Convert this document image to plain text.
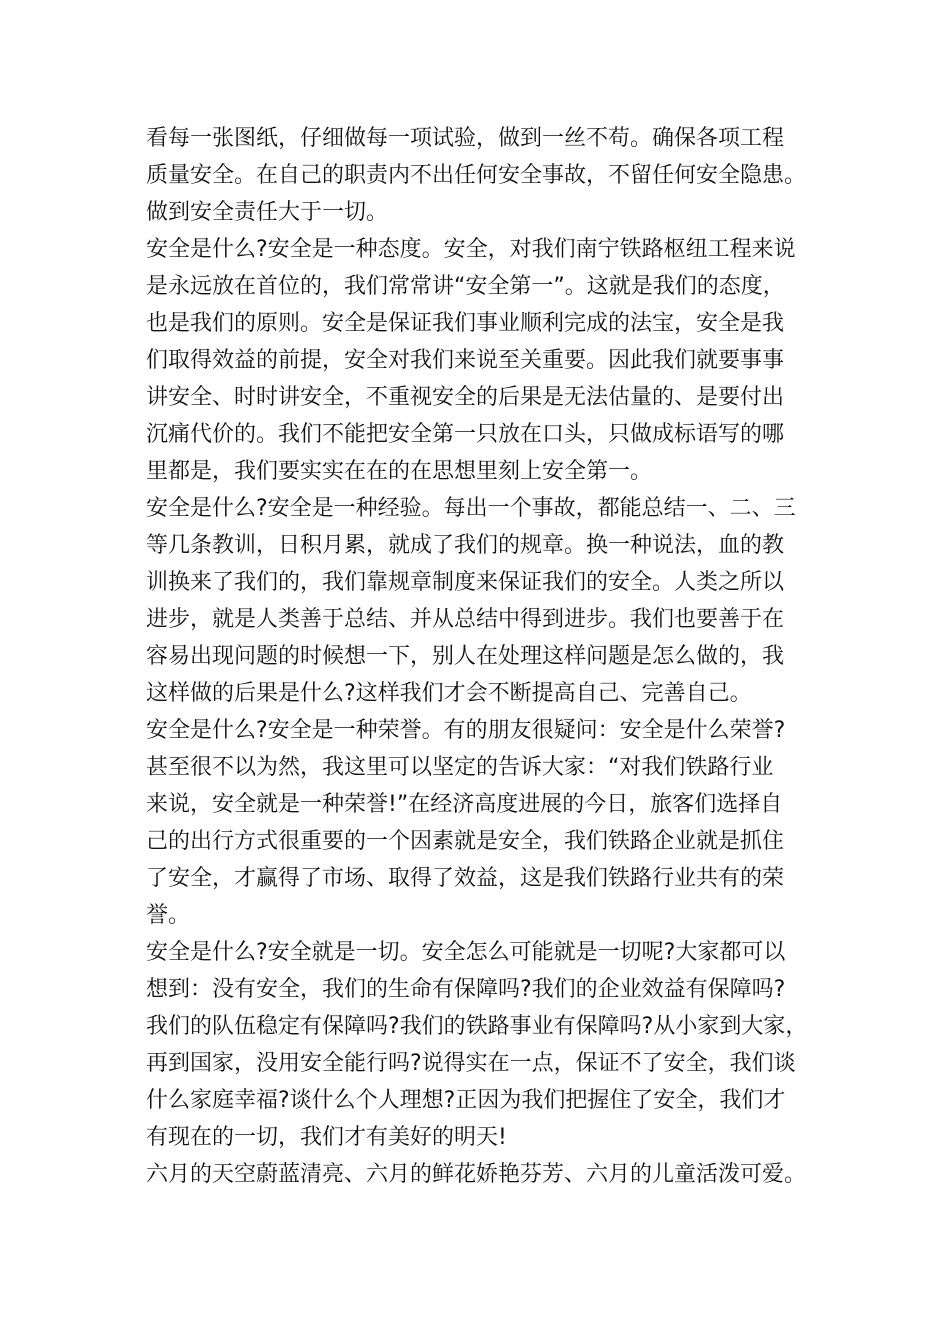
看每一张图纸，仔细做每一项试验，做到一丝不苟。确保各项工程

质量安全。在自己的职责内不出任何安全事故，不留任何安全隐患。

做到安全责任大于一切。

安全是什么?安全是一种态度。安全，对我们南宁铁路枢纽工程来说

是永远放在首位的，我们常常讲“安全第一”。这就是我们的态度，

也是我们的原则。安全是保证我们事业顺利完成的法宝，安全是我

们取得效益的前提，安全对我们来说至关重要。因此我们就要事事

讲安全、时时讲安全，不重视安全的后果是无法估量的、是要付出

沉痛代价的。我们不能把安全第一只放在口头，只做成标语写的哪

里都是，我们要实实在在的在思想里刻上安全第一。

安全是什么?安全是一种经验。每出一个事故，都能总结一、二、三

等几条教训，日积月累，就成了我们的规章。换一种说法，血的教

训换来了我们的，我们靠规章制度来保证我们的安全。人类之所以

进步，就是人类善于总结、并从总结中得到进步。我们也要善于在

容易出现问题的时候想一下，别人在处理这样问题是怎么做的，我

这样做的后果是什么?这样我们才会不断提高自己、完善自己。

安全是什么?安全是一种荣誉。有的朋友很疑问：安全是什么荣誉?

甚至很不以为然，我这里可以坚定的告诉大家：“对我们铁路行业

来说，安全就是一种荣誉!”在经济高度进展的今日，旅客们选择自

己的出行方式很重要的一个因素就是安全，我们铁路企业就是抓住

了安全，才赢得了市场、取得了效益，这是我们铁路行业共有的荣

誉。

安全是什么?安全就是一切。安全怎么可能就是一切呢?大家都可以

想到：没有安全，我们的生命有保障吗?我们的企业效益有保障吗?

我们的队伍稳定有保障吗?我们的铁路事业有保障吗?从小家到大家，

再到国家，没用安全能行吗?说得实在一点，保证不了安全，我们谈

什么家庭幸福?谈什么个人理想?正因为我们把握住了安全，我们才

有现在的一切，我们才有美好的明天!

六月的天空蔚蓝清亮、六月的鲜花娇艳芬芳、六月的儿童活泼可爱。
